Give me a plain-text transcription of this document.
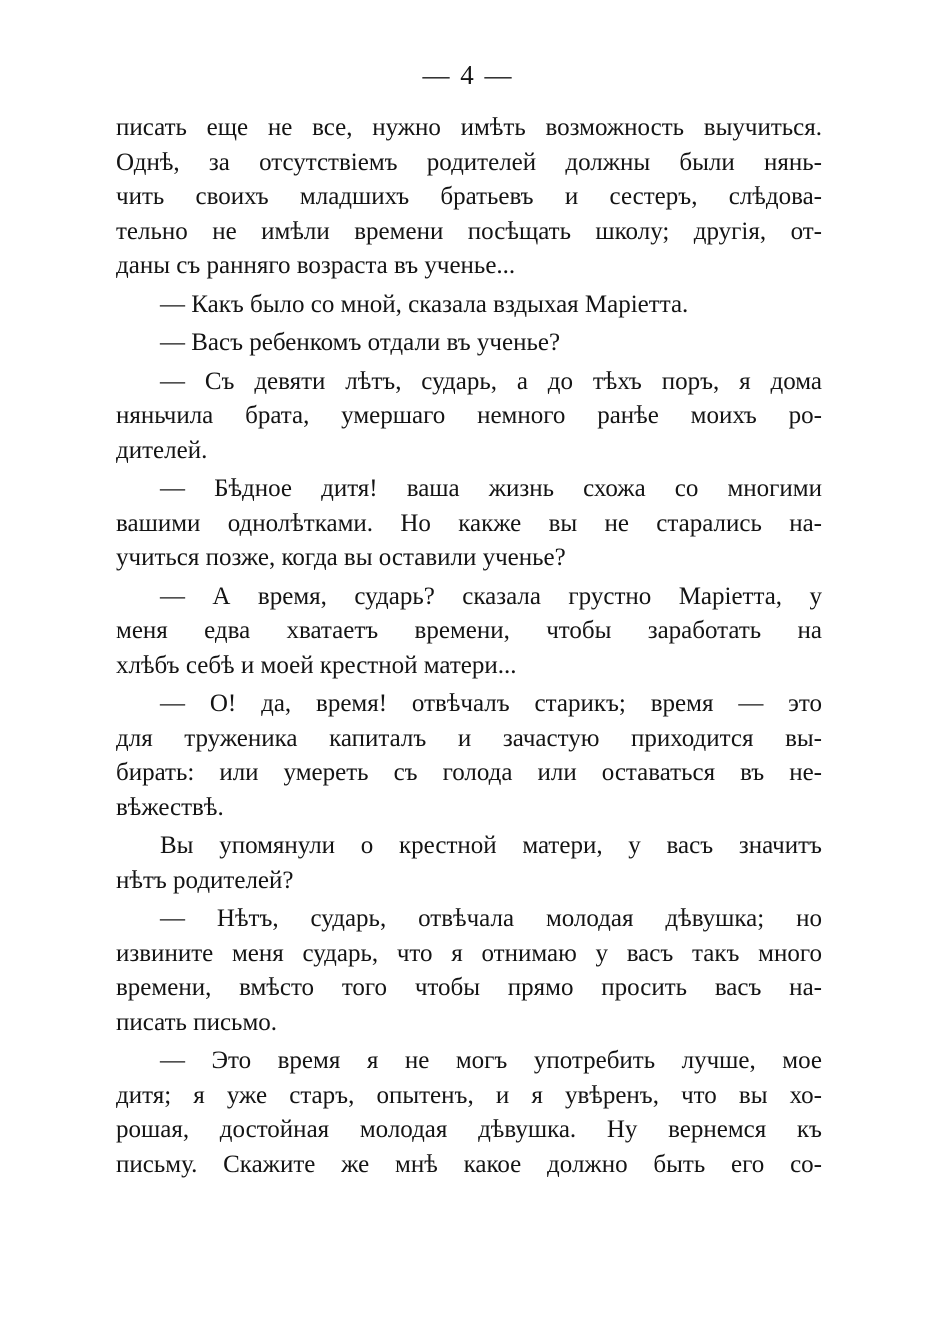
— 4 —
писать еще не все, нужно имѣть возможность выучиться.
Однѣ, за отсутствіемъ родителей должны были нянь-
чить своихъ младшихъ братьевъ и сестеръ, слѣдова-
тельно не имѣли времени посѣщать школу; другія, от-
даны съ ранняго возраста въ ученье...
— Какъ было со мной, сказала вздыхая Маріетта.
— Васъ ребенкомъ отдали въ ученье?
— Съ девяти лѣтъ, сударь, а до тѣхъ поръ, я дома
няньчила брата, умершаго немного ранѣе моихъ ро-
дителей.
— Бѣдное дитя! ваша жизнь схожа со многими
вашими однолѣтками. Но какже вы не старались на-
учиться позже, когда вы оставили ученье?
— А время, сударь? сказала грустно Маріетта, у
меня едва хватаетъ времени, чтобы заработать на
хлѣбъ себѣ и моей крестной матери...
— О! да, время! отвѣчалъ старикъ; время — это
для труженика капиталъ и зачастую приходится вы-
бирать: или умереть съ голода или оставаться въ не-
вѣжествѣ.
Вы упомянули о крестной матери, у васъ значитъ
нѣтъ родителей?
— Нѣтъ, сударь, отвѣчала молодая дѣвушка; но
извините меня сударь, что я отнимаю у васъ такъ много
времени, вмѣсто того чтобы прямо просить васъ на-
писать письмо.
— Это время я не могъ употребить лучше, мое
дитя; я уже старъ, опытенъ, и я увѣренъ, что вы хо-
рошая, достойная молодая дѣвушка. Ну вернемся къ
письму. Скажите же мнѣ какое должно быть его со-
